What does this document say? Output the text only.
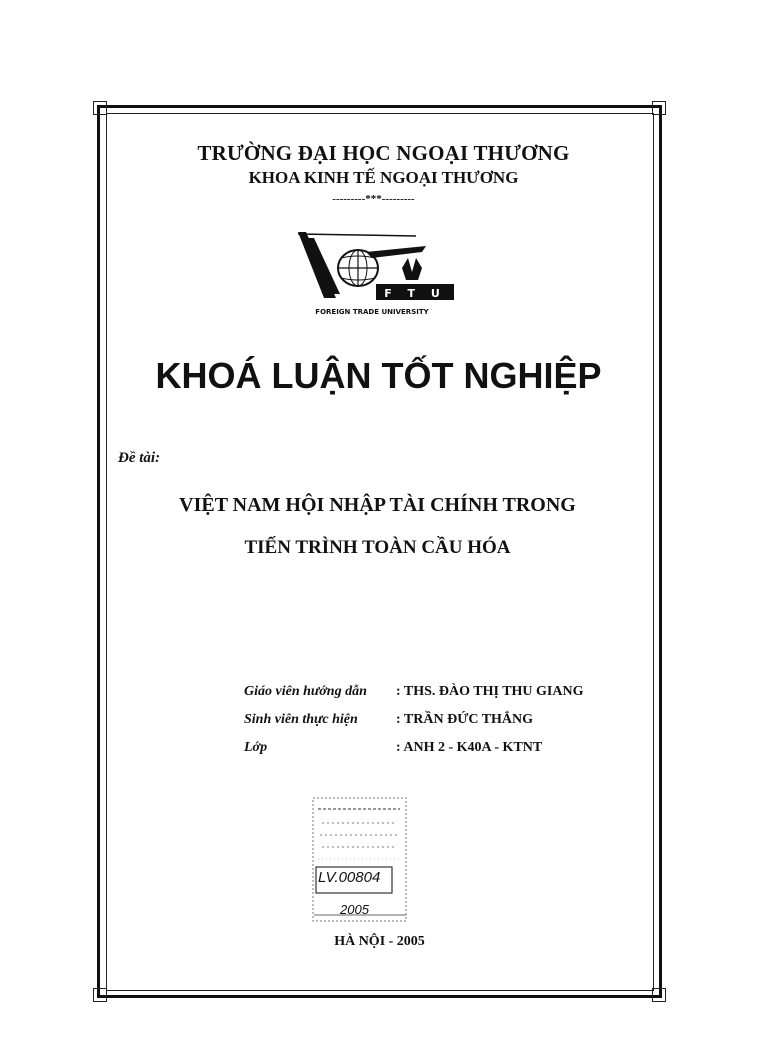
TRƯỜNG ĐẠI HỌC NGOẠI THƯƠNG
KHOA KINH TẾ NGOẠI THƯƠNG
---------***---------
F T U
FOREIGN TRADE UNIVERSITY
KHOÁ LUẬN TỐT NGHIỆP
Đề tài:
VIỆT NAM HỘI NHẬP TÀI CHÍNH TRONG
TIẾN TRÌNH TOÀN CẦU HÓA
Giáo viên hướng dẫn	: THS. ĐÀO THỊ THU GIANG
Sinh viên thực hiện	: TRẦN ĐỨC THẮNG
Lớp	: ANH 2 - K40A - KTNT
LV.00804
2005
HÀ NỘI - 2005
